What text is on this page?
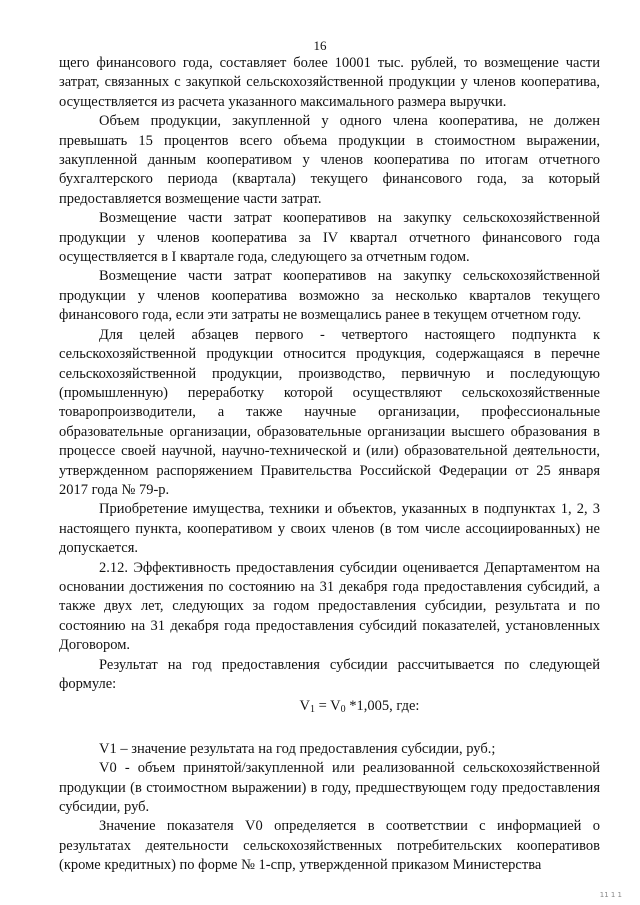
16

щего финансового года, составляет более 10001 тыс. рублей, то возмещение части затрат, связанных с закупкой сельскохозяйственной продукции у членов кооператива, осуществляется из расчета указанного максимального размера выручки.

Объем продукции, закупленной у одного члена кооператива, не должен превышать 15 процентов всего объема продукции в стоимостном выражении, закупленной данным кооперативом у членов кооператива по итогам отчетного бухгалтерского периода (квартала) текущего финансового года, за который предоставляется возмещение части затрат.

Возмещение части затрат кооперативов на закупку сельскохозяйственной продукции у членов кооператива за IV квартал отчетного финансового года осуществляется в I квартале года, следующего за отчетным годом.

Возмещение части затрат кооперативов на закупку сельскохозяйственной продукции у членов кооператива возможно за несколько кварталов текущего финансового года, если эти затраты не возмещались ранее в текущем отчетном году.

Для целей абзацев первого - четвертого настоящего подпункта к сельскохозяйственной продукции относится продукция, содержащаяся в перечне сельскохозяйственной продукции, производство, первичную и последующую (промышленную) переработку которой осуществляют сельскохозяйственные товаропроизводители, а также научные организации, профессиональные образовательные организации, образовательные организации высшего образования в процессе своей научной, научно-технической и (или) образовательной деятельности, утвержденном распоряжением Правительства Российской Федерации от 25 января 2017 года № 79-р.

Приобретение имущества, техники и объектов, указанных в подпунктах 1, 2, 3 настоящего пункта, кооперативом у своих членов (в том числе ассоциированных) не допускается.

2.12. Эффективность предоставления субсидии оценивается Департаментом на основании достижения по состоянию на 31 декабря года предоставления субсидий, а также двух лет, следующих за годом предоставления субсидии, результата и по состоянию на 31 декабря года предоставления субсидий показателей, установленных Договором.

Результат на год предоставления субсидии рассчитывается по следующей формуле:

$V_1 = V_0$ *1,005, где:

V1 – значение результата на год предоставления субсидии, руб.;

V0 - объем принятой/закупленной или реализованной сельскохозяйственной продукции (в стоимостном выражении) в году, предшествующем году предоставления субсидии, руб.

Значение показателя V0 определяется в соответствии с информацией о результатах деятельности сельскохозяйственных потребительских кооперативов (кроме кредитных) по форме № 1-спр, утвержденной приказом Министерства

11 1 1
